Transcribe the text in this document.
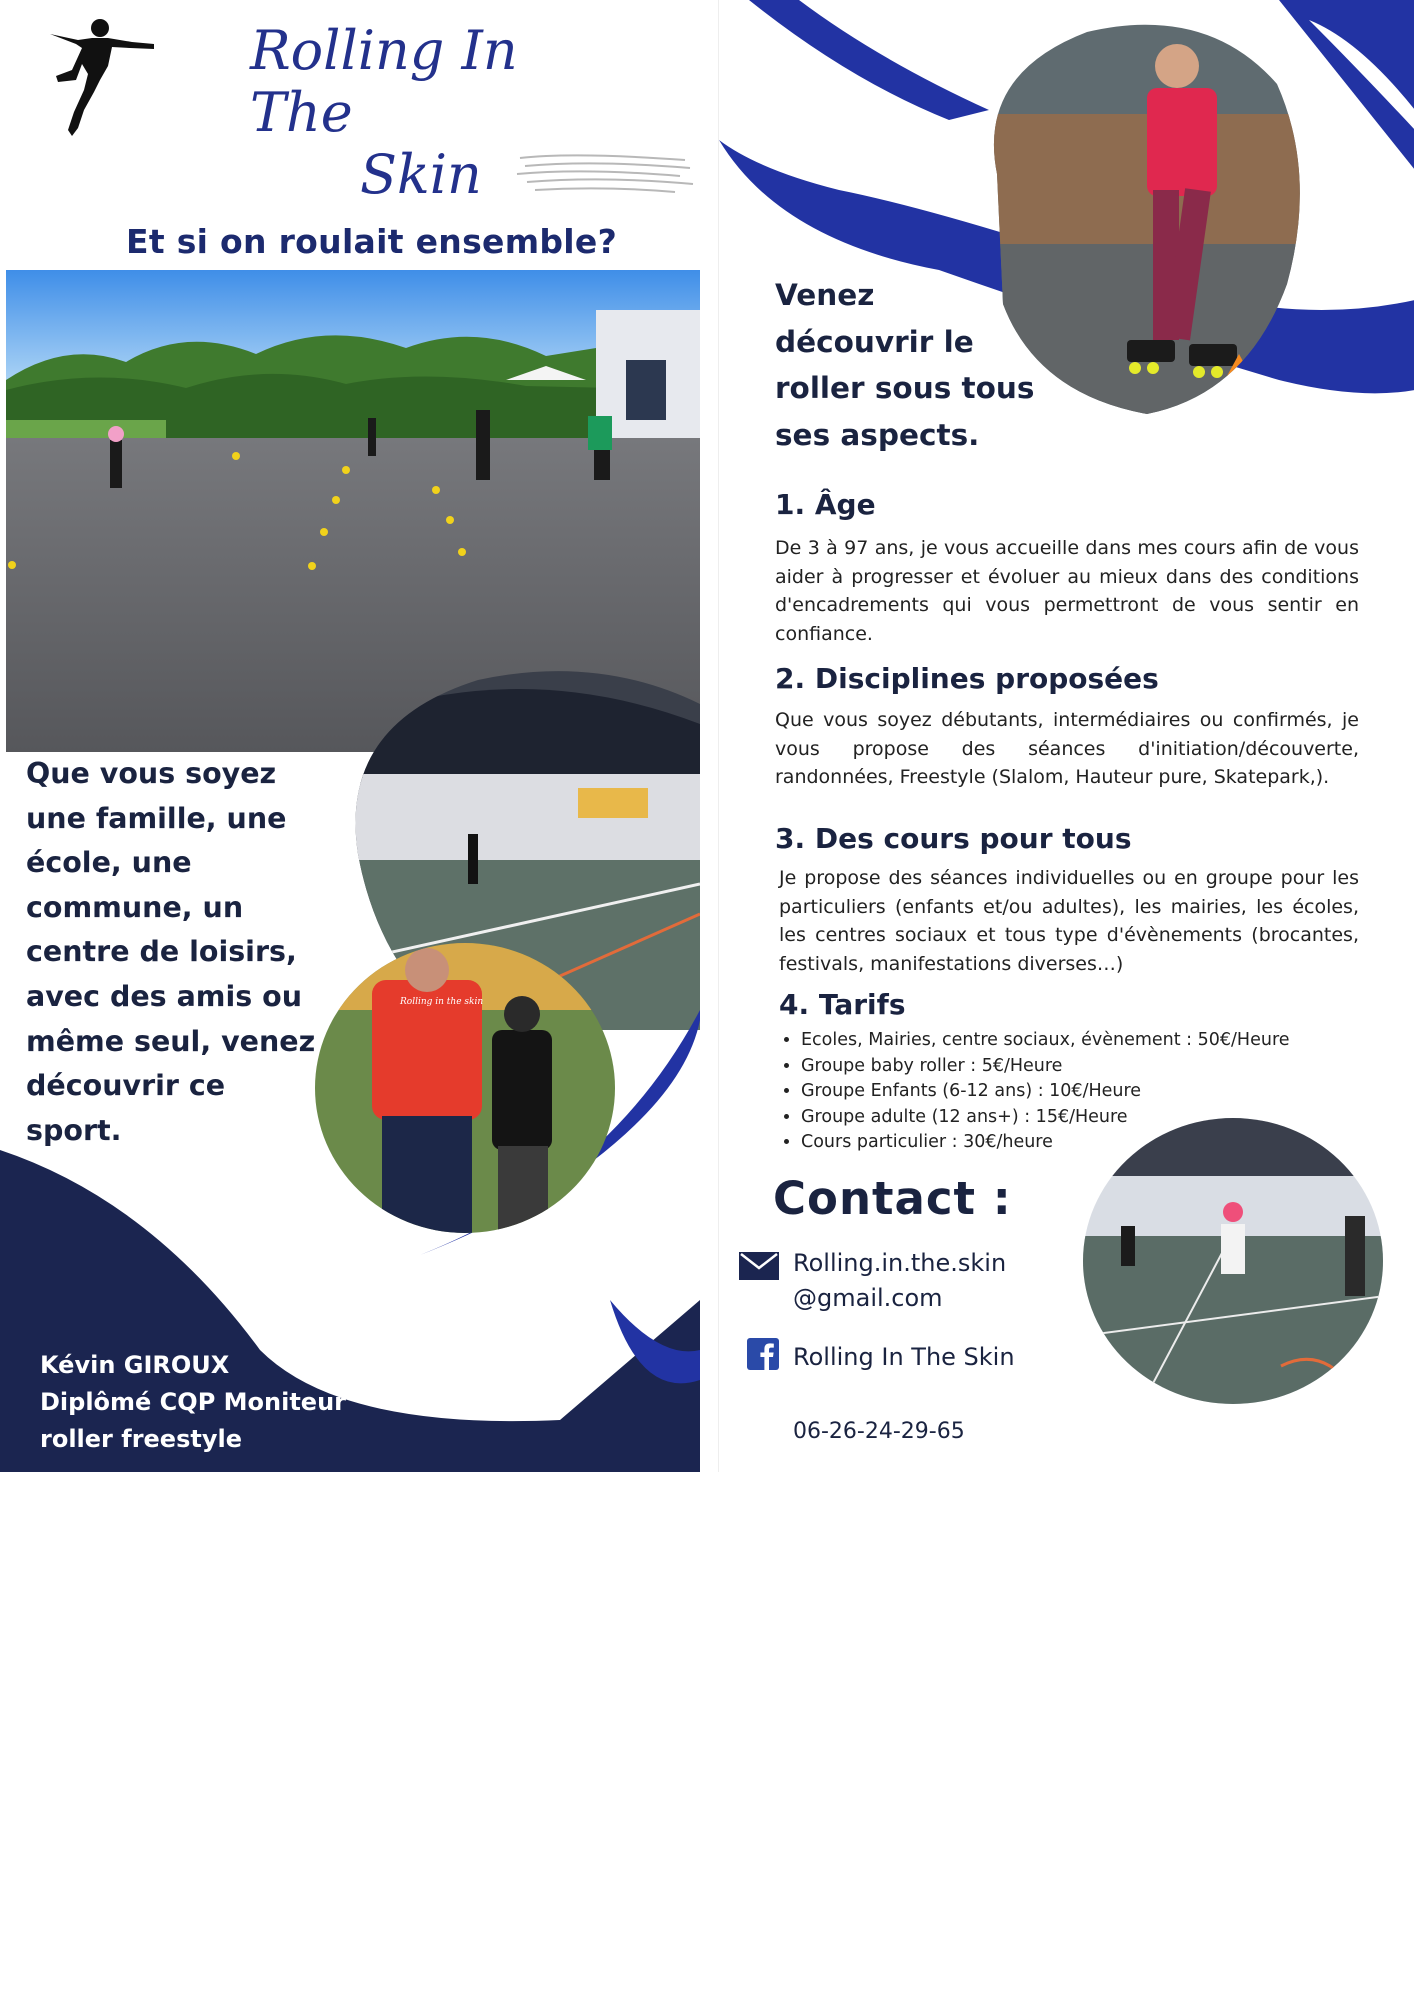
Rolling In The
Skin
Et si on roulait ensemble?
Rolling in the skin
Que vous soyez
une famille, une
école, une
commune, un
centre de loisirs,
avec des amis ou
même seul, venez
découvrir ce
sport.
Kévin GIROUX
Diplômé CQP Moniteur
roller freestyle
Venez
découvrir le
roller sous tous
ses aspects.
1. Âge
De 3 à 97 ans, je vous accueille dans mes cours afin de vous aider à progresser et évoluer au mieux dans des conditions d'encadrements qui vous permettront de vous sentir en confiance.
2. Disciplines proposées
Que vous soyez débutants, intermédiaires ou confirmés, je vous propose des séances d'initiation/découverte, randonnées, Freestyle (Slalom, Hauteur pure, Skatepark,).
3. Des cours pour tous
Je propose des séances individuelles ou en groupe pour les particuliers (enfants et/ou adultes), les mairies, les écoles, les centres sociaux et tous type d'évènements (brocantes, festivals, manifestations diverses…)
4. Tarifs
• Ecoles, Mairies, centre sociaux, évènement : 50€/Heure
• Groupe baby roller : 5€/Heure
• Groupe Enfants (6-12 ans) : 10€/Heure
• Groupe adulte (12 ans+) : 15€/Heure
• Cours particulier : 30€/heure
Contact :
Rolling.in.the.skin
@gmail.com
Rolling In The Skin
06-26-24-29-65
